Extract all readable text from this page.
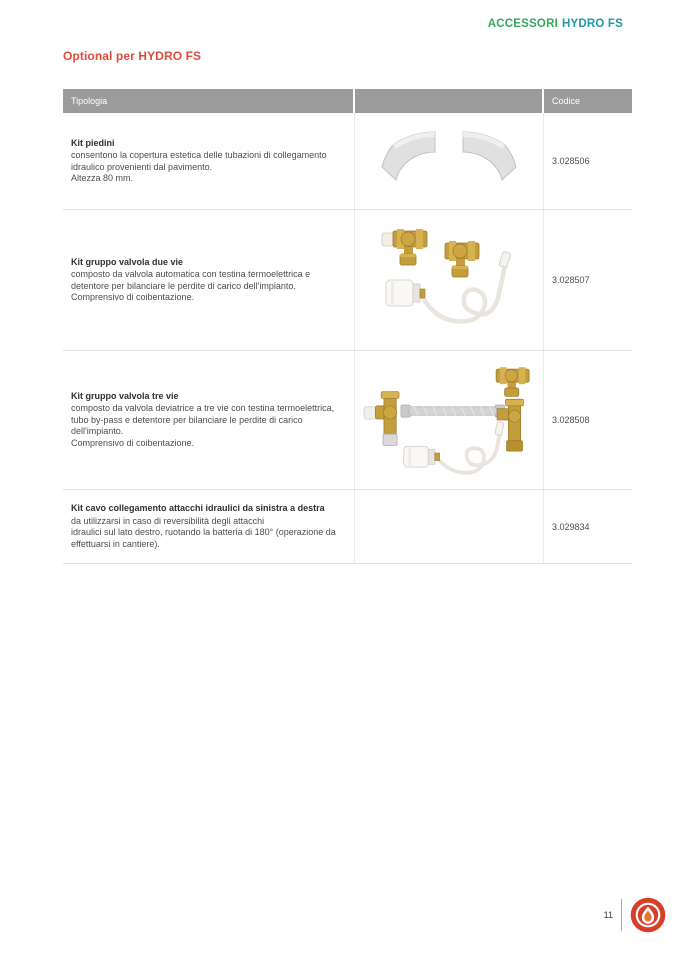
ACCESSORI HYDRO FS
Optional per HYDRO FS
Tipologia	Codice
Kit piedini
consentono la copertura estetica delle tubazioni di collegamento idraulico provenienti dal pavimento.
Altezza 80 mm.
3.028506
Kit gruppo valvola due vie
composto da valvola automatica con testina termoelettrica e detentore per bilanciare le perdite di carico dell'impianto.
Comprensivo di coibentazione.
3.028507
Kit gruppo valvola tre vie
composto da valvola deviatrice a tre vie con testina termoelettrica, tubo by-pass e detentore per bilanciare le perdite di carico dell'impianto.
Comprensivo di coibentazione.
3.028508
Kit cavo collegamento attacchi idraulici da sinistra a destra
da utilizzarsi in caso di reversibilità degli attacchi
idraulici sul lato destro, ruotando la batteria di 180° (operazione da effettuarsi in cantiere).
3.029834
11
